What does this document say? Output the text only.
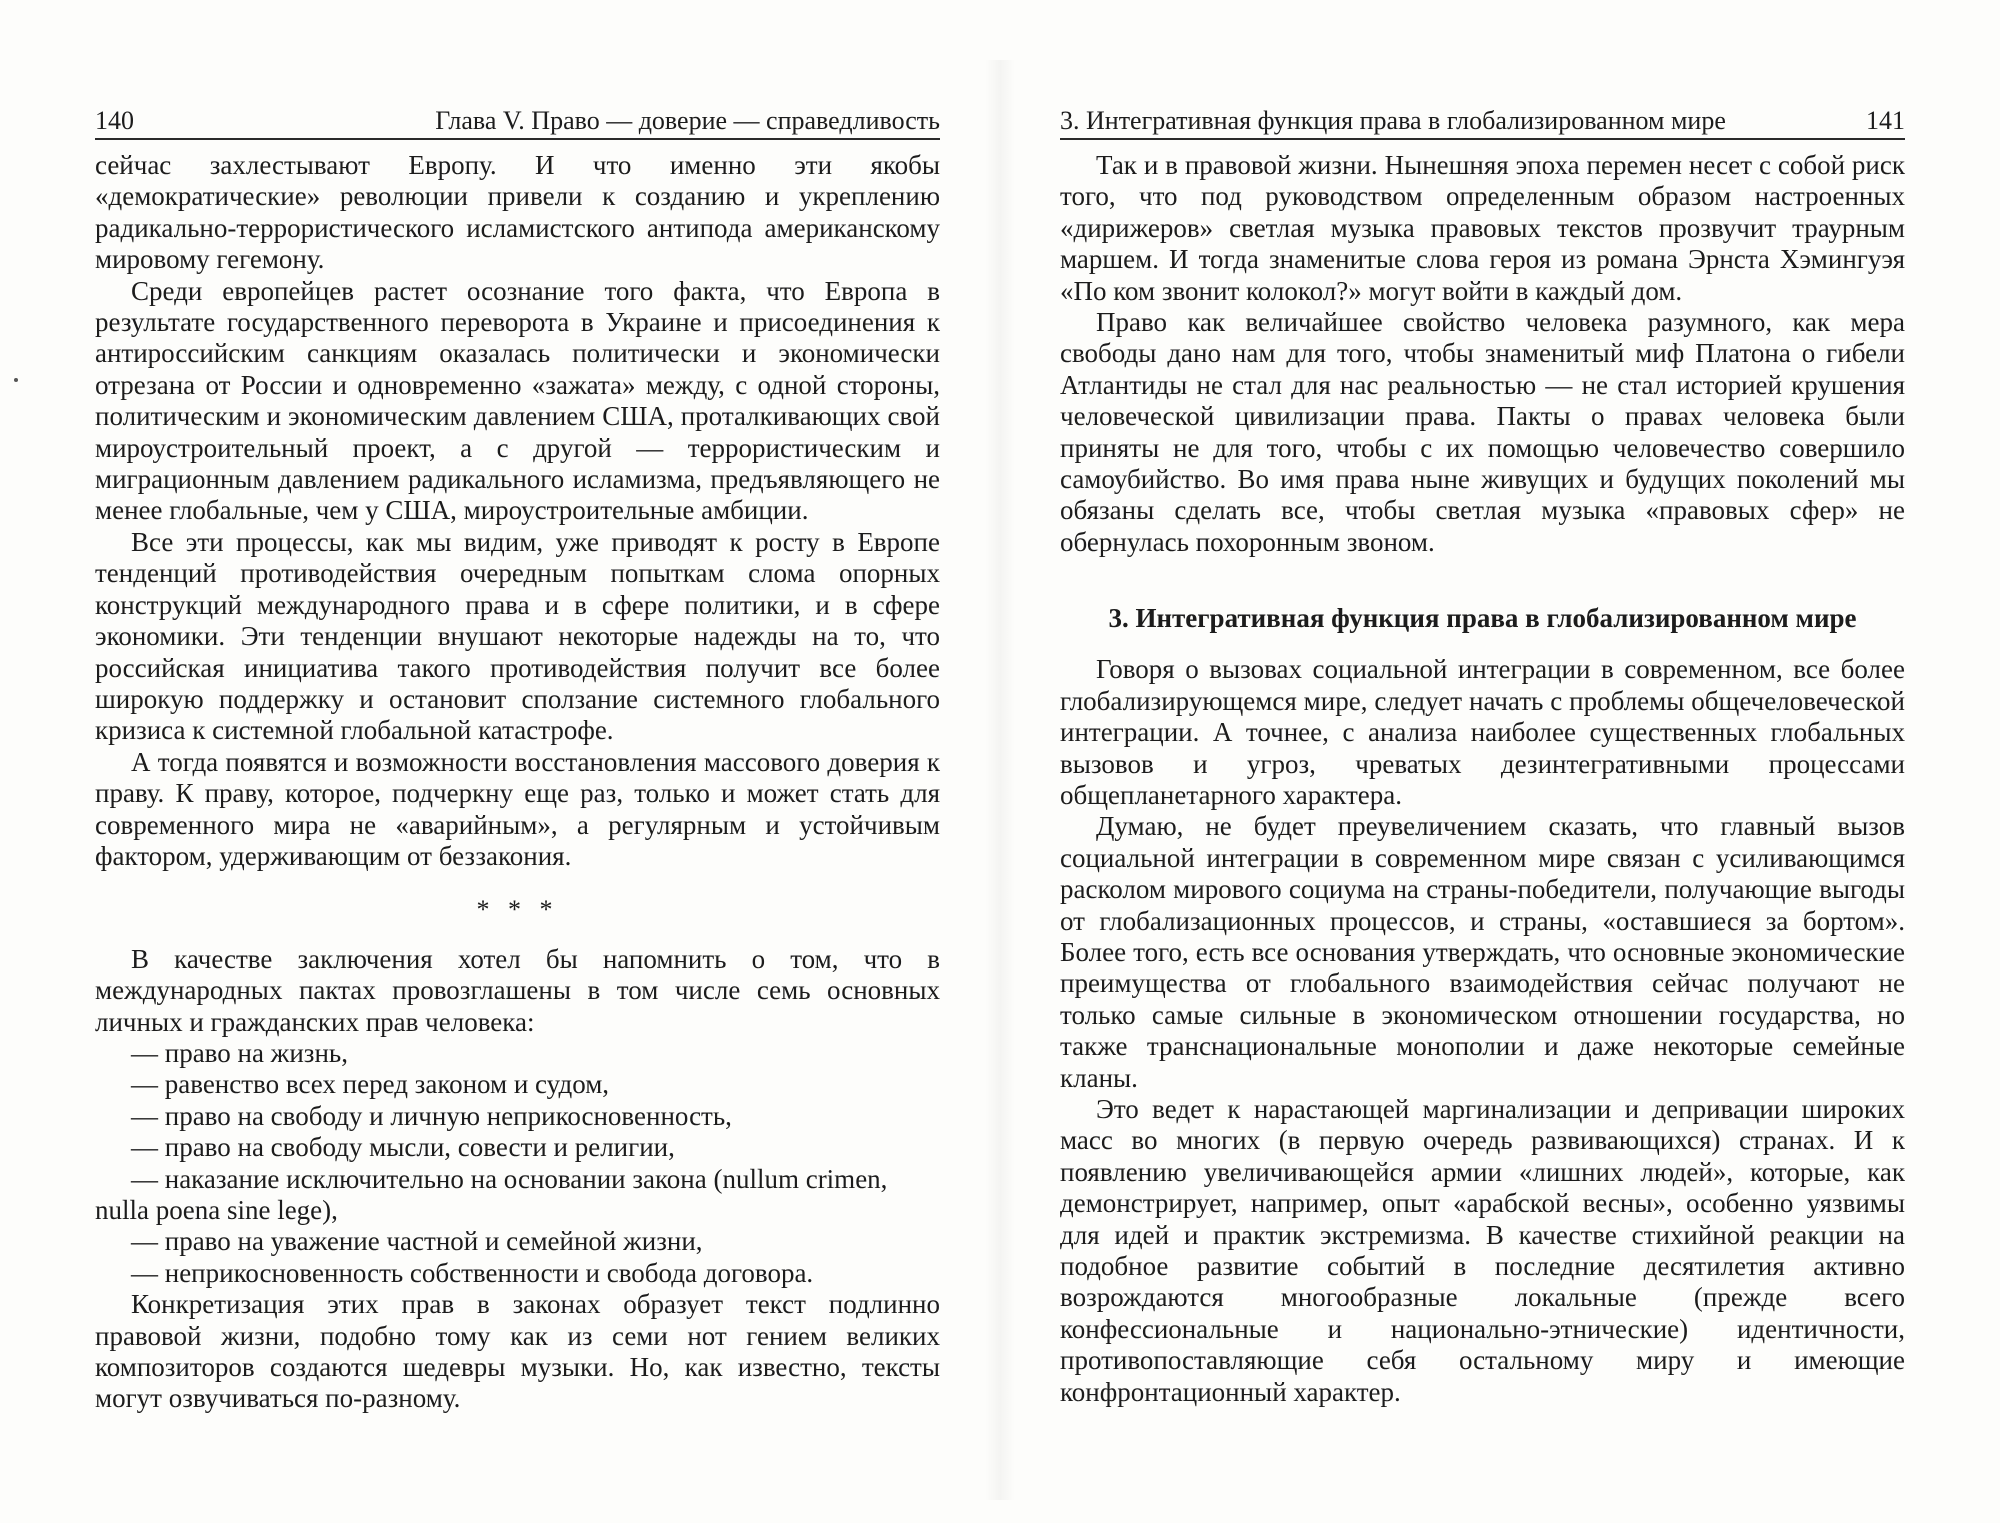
140	Глава V. Право — доверие — справедливость

сейчас захлестывают Европу. И что именно эти якобы «демократические» революции привели к созданию и укреплению радикально-террористического исламистского антипода американскому мировому гегемону.

Среди европейцев растет осознание того факта, что Европа в результате государственного переворота в Украине и присоединения к антироссийским санкциям оказалась политически и экономически отрезана от России и одновременно «зажата» между, с одной стороны, политическим и экономическим давлением США, проталкивающих свой мироустроительный проект, а с другой — террористическим и миграционным давлением радикального исламизма, предъявляющего не менее глобальные, чем у США, мироустроительные амбиции.

Все эти процессы, как мы видим, уже приводят к росту в Европе тенденций противодействия очередным попыткам слома опорных конструкций международного права и в сфере политики, и в сфере экономики. Эти тенденции внушают некоторые надежды на то, что российская инициатива такого противодействия получит все более широкую поддержку и остановит сползание системного глобального кризиса к системной глобальной катастрофе.

А тогда появятся и возможности восстановления массового доверия к праву. К праву, которое, подчеркну еще раз, только и может стать для современного мира не «аварийным», а регулярным и устойчивым фактором, удерживающим от беззакония.

* * *

В качестве заключения хотел бы напомнить о том, что в международных пактах провозглашены в том числе семь основных личных и гражданских прав человека:

— право на жизнь,
— равенство всех перед законом и судом,
— право на свободу и личную неприкосновенность,
— право на свободу мысли, совести и религии,
— наказание исключительно на основании закона (nullum crimen, nulla poena sine lege),
— право на уважение частной и семейной жизни,
— неприкосновенность собственности и свобода договора.

Конкретизация этих прав в законах образует текст подлинно правовой жизни, подобно тому как из семи нот гением великих композиторов создаются шедевры музыки. Но, как известно, тексты могут озвучиваться по-разному.

3. Интегративная функция права в глобализированном мире	141

Так и в правовой жизни. Нынешняя эпоха перемен несет с собой риск того, что под руководством определенным образом настроенных «дирижеров» светлая музыка правовых текстов прозвучит траурным маршем. И тогда знаменитые слова героя из романа Эрнста Хэмингуэя «По ком звонит колокол?» могут войти в каждый дом.

Право как величайшее свойство человека разумного, как мера свободы дано нам для того, чтобы знаменитый миф Платона о гибели Атлантиды не стал для нас реальностью — не стал историей крушения человеческой цивилизации права. Пакты о правах человека были приняты не для того, чтобы с их помощью человечество совершило самоубийство. Во имя права ныне живущих и будущих поколений мы обязаны сделать все, чтобы светлая музыка «правовых сфер» не обернулась похоронным звоном.

3. Интегративная функция права в глобализированном мире

Говоря о вызовах социальной интеграции в современном, все более глобализирующемся мире, следует начать с проблемы общечеловеческой интеграции. А точнее, с анализа наиболее существенных глобальных вызовов и угроз, чреватых дезинтегративными процессами общепланетарного характера.

Думаю, не будет преувеличением сказать, что главный вызов социальной интеграции в современном мире связан с усиливающимся расколом мирового социума на страны-победители, получающие выгоды от глобализационных процессов, и страны, «оставшиеся за бортом». Более того, есть все основания утверждать, что основные экономические преимущества от глобального взаимодействия сейчас получают не только самые сильные в экономическом отношении государства, но также транснациональные монополии и даже некоторые семейные кланы.

Это ведет к нарастающей маргинализации и депривации широких масс во многих (в первую очередь развивающихся) странах. И к появлению увеличивающейся армии «лишних людей», которые, как демонстрирует, например, опыт «арабской весны», особенно уязвимы для идей и практик экстремизма. В качестве стихийной реакции на подобное развитие событий в последние десятилетия активно возрождаются многообразные локальные (прежде всего конфессиональные и национально-этнические) идентичности, противопоставляющие себя остальному миру и имеющие конфронтационный характер.
